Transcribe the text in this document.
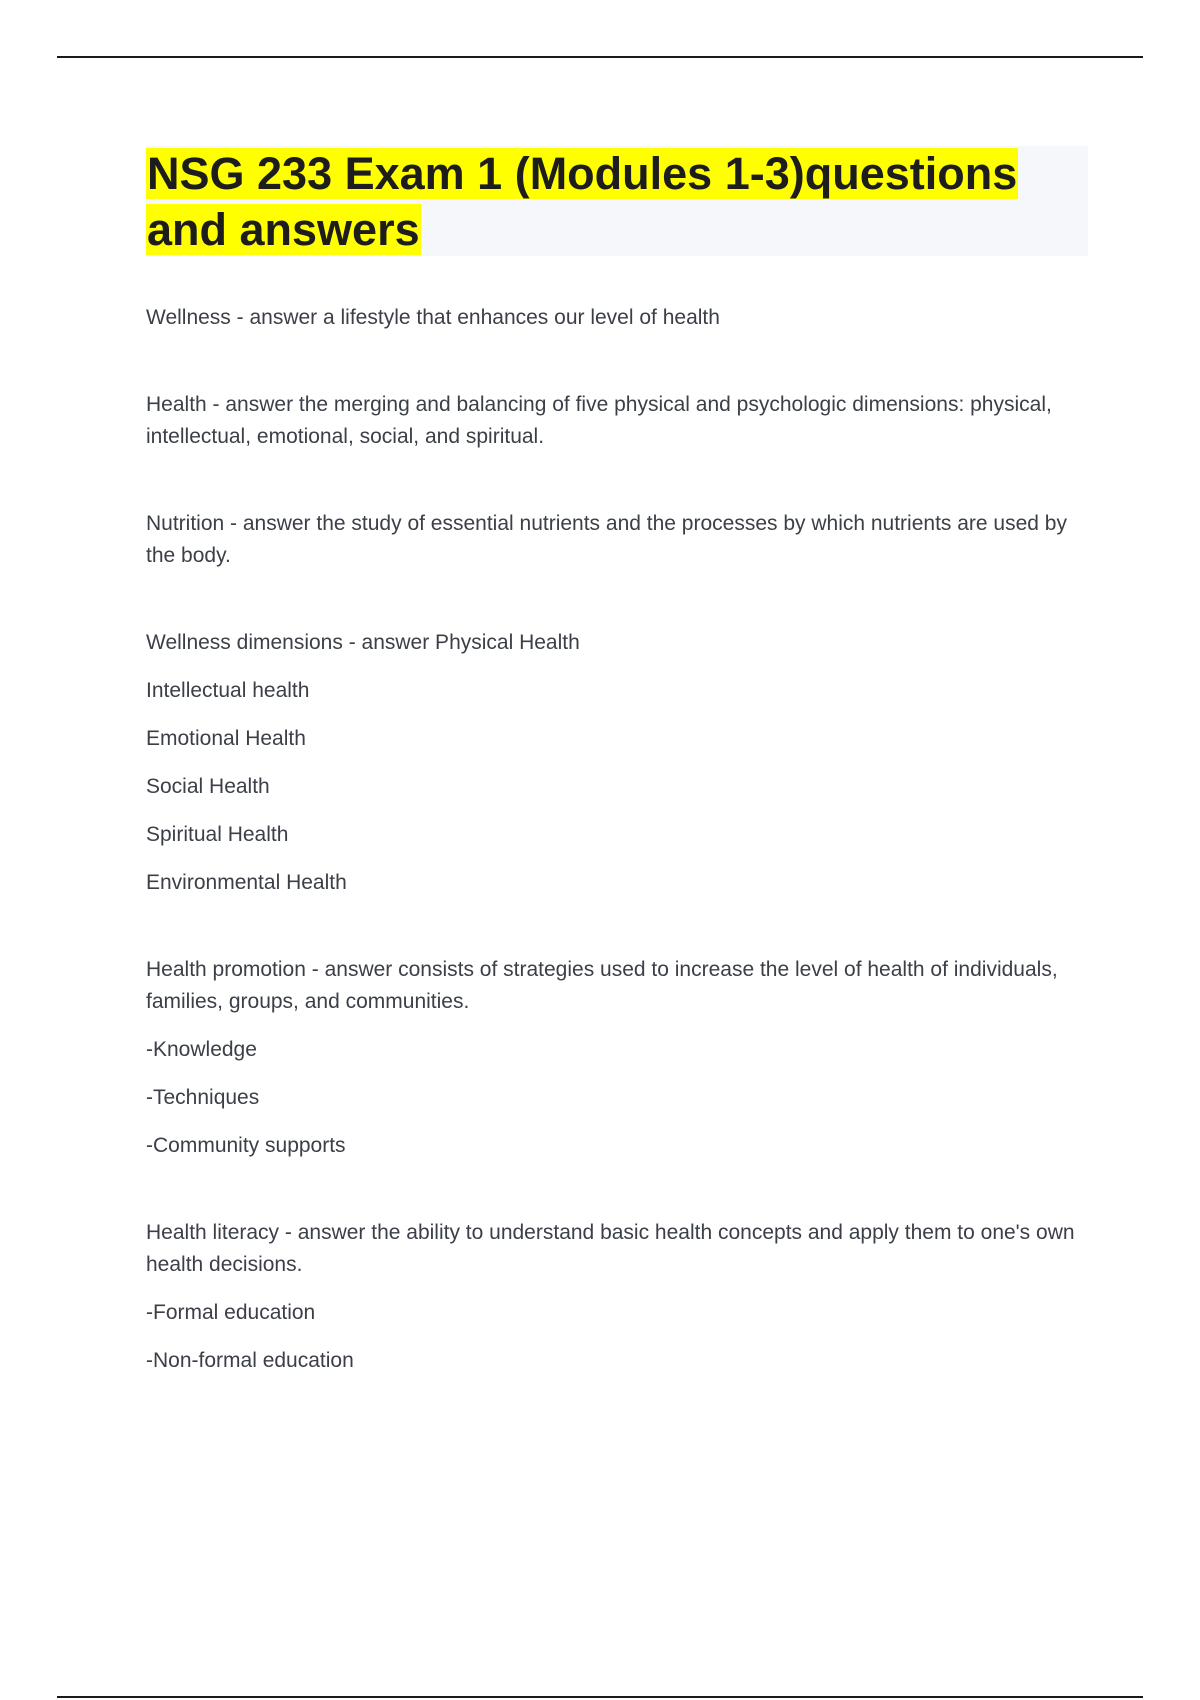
NSG 233 Exam 1 (Modules 1-3)questions and answers

Wellness - answer a lifestyle that enhances our level of health

Health - answer the merging and balancing of five physical and psychologic dimensions: physical, intellectual, emotional, social, and spiritual.

Nutrition - answer the study of essential nutrients and the processes by which nutrients are used by the body.

Wellness dimensions - answer Physical Health

Intellectual health

Emotional Health

Social Health

Spiritual Health

Environmental Health

Health promotion - answer consists of strategies used to increase the level of health of individuals, families, groups, and communities.

-Knowledge

-Techniques

-Community supports

Health literacy - answer the ability to understand basic health concepts and apply them to one's own health decisions.

-Formal education

-Non-formal education
